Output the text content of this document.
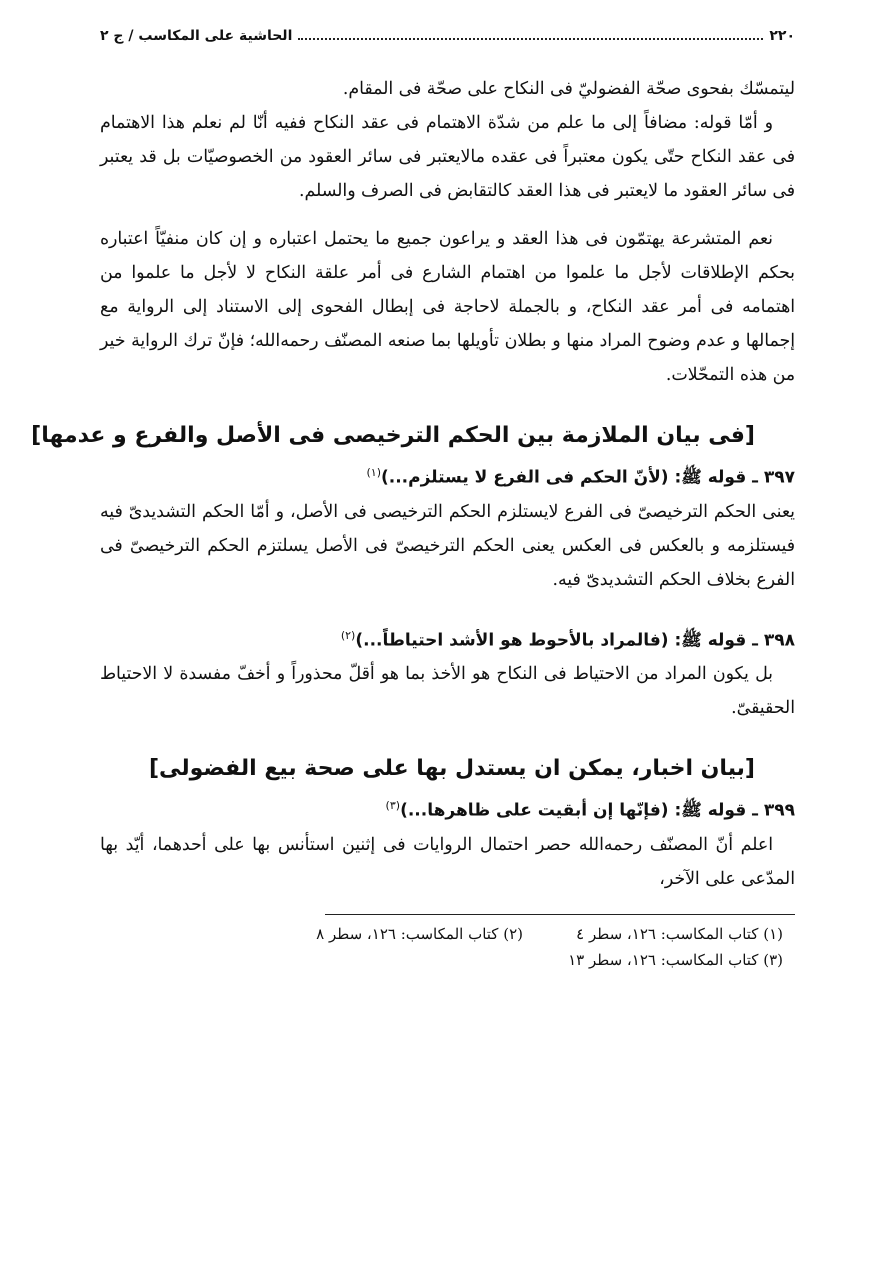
٢٢٠
الحاشية على المكاسب / ج ٢

ليتمسّك بفحوى صحّة الفضوليّ فى النكاح على صحّة فى المقام.

و أمّا قوله: مضافاً إلى ما علم من شدّة الاهتمام فى عقد النكاح ففيه أنّا لم نعلم هذا الاهتمام فى عقد النكاح حتّى يكون معتبراً فى عقده مالايعتبر فى سائر العقود من الخصوصيّات بل قد يعتبر فى سائر العقود ما لايعتبر فى هذا العقد كالتقابض فى الصرف والسلم.

نعم المتشرعة يهتمّون فى هذا العقد و يراعون جميع ما يحتمل اعتباره و إن كان منفيّاً اعتباره بحكم الإطلاقات لأجل ما علموا من اهتمام الشارع فى أمر علقة النكاح لا لأجل ما علموا من اهتمامه فى أمر عقد النكاح، و بالجملة لاحاجة فى إبطال الفحوى إلى الاستناد إلى الرواية مع إجمالها و عدم وضوح المراد منها و بطلان تأويلها بما صنعه المصنّف رحمه‌الله؛ فإنّ ترك الرواية خير من هذه التمحّلات.

[فى بيان الملازمة بين الحكم الترخيصى فى الأصل والفرع و عدمها]

٣٩٧ ـ قوله ﷺ: (لأنّ الحكم فى الفرع لا يستلزم...)$^{(١)}$

يعنى الحكم الترخيصىّ فى الفرع لايستلزم الحكم الترخيصى فى الأصل، و أمّا الحكم التشديدىّ فيه فيستلزمه و بالعكس فى العكس يعنى الحكم الترخيصىّ فى الأصل يسلتزم الحكم الترخيصىّ فى الفرع بخلاف الحكم التشديدىّ فيه.

٣٩٨ ـ قوله ﷺ: (فالمراد بالأحوط هو الأشد احتياطاً...)$^{(٢)}$

بل يكون المراد من الاحتياط فى النكاح هو الأخذ بما هو أقلّ محذوراً و أخفّ مفسدة لا الاحتياط الحقيقىّ.

[بيان اخبار، يمكن ان يستدل بها على صحة بيع الفضولى]

٣٩٩ ـ قوله ﷺ: (فإنّها إن أبقيت على ظاهرها...)$^{(٣)}$

اعلم أنّ المصنّف رحمه‌الله حصر احتمال الروايات فى إثنين استأنس بها على أحدهما، أيّد بها المدّعى على الآخر،

(١) كتاب المكاسب: ١٢٦، سطر ٤
(٢) كتاب المكاسب: ١٢٦، سطر ٨
(٣) كتاب المكاسب: ١٢٦، سطر ١٣
